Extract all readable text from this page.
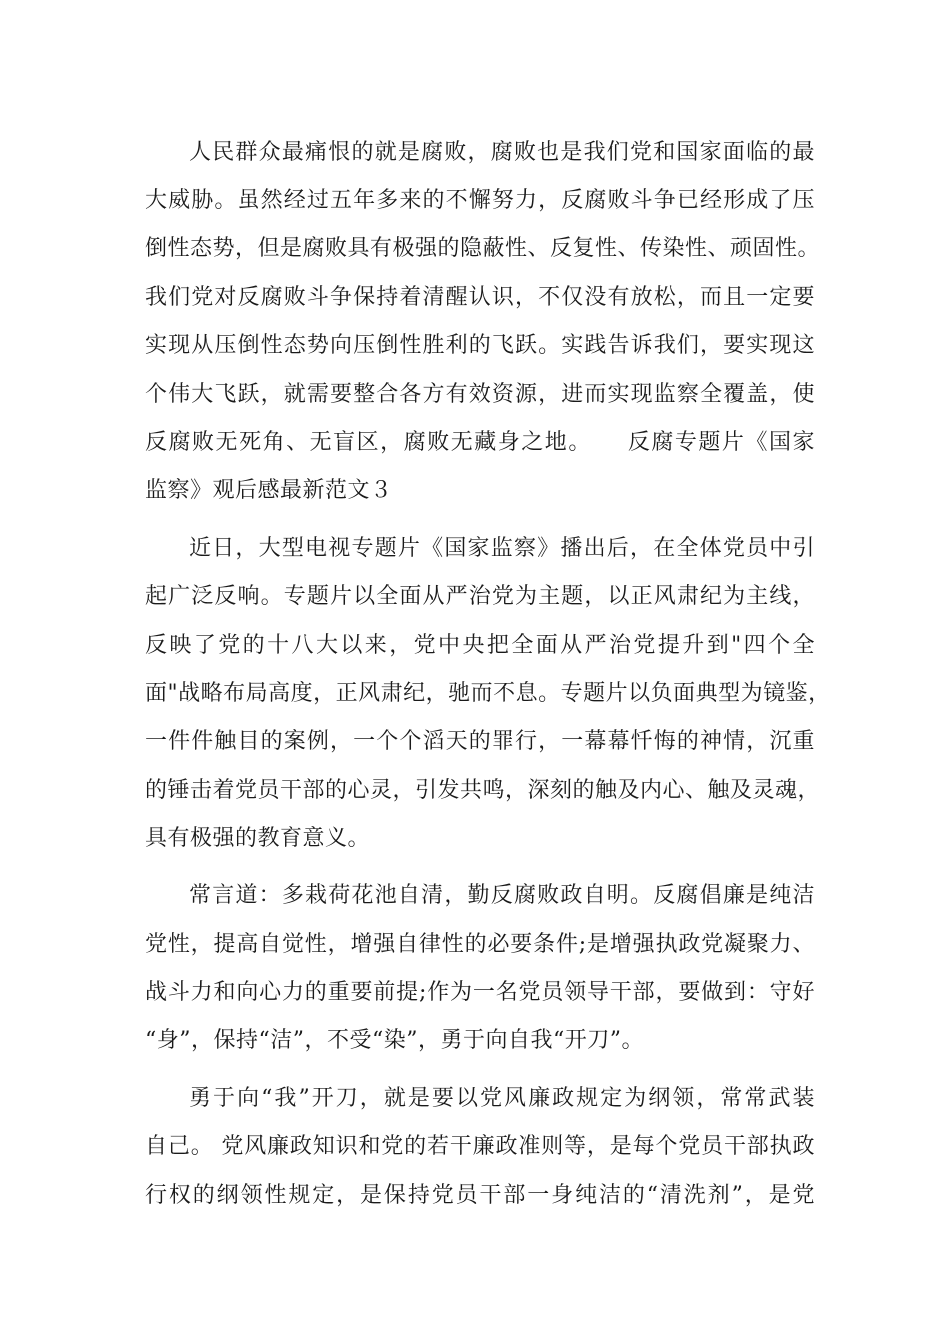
人民群众最痛恨的就是腐败，腐败也是我们党和国家面临的最
大威胁。虽然经过五年多来的不懈努力，反腐败斗争已经形成了压
倒性态势，但是腐败具有极强的隐蔽性、反复性、传染性、顽固性。
我们党对反腐败斗争保持着清醒认识，不仅没有放松，而且一定要
实现从压倒性态势向压倒性胜利的飞跃。实践告诉我们，要实现这
个伟大飞跃，就需要整合各方有效资源，进而实现监察全覆盖，使
反腐败无死角、无盲区，腐败无藏身之地。　　反腐专题片《国家
监察》观后感最新范文３
近日，大型电视专题片《国家监察》播出后，在全体党员中引
起广泛反响。专题片以全面从严治党为主题，以正风肃纪为主线，
反映了党的十八大以来，党中央把全面从严治党提升到"四个全
面"战略布局高度，正风肃纪，驰而不息。专题片以负面典型为镜鉴，
一件件触目的案例，一个个滔天的罪行，一幕幕忏悔的神情，沉重
的锤击着党员干部的心灵，引发共鸣，深刻的触及内心、触及灵魂，
具有极强的教育意义。
常言道：多栽荷花池自清，勤反腐败政自明。反腐倡廉是纯洁
党性，提高自觉性，增强自律性的必要条件;是增强执政党凝聚力、
战斗力和向心力的重要前提;作为一名党员领导干部，要做到：守好
“身”，保持“洁”，不受“染”，勇于向自我“开刀”。
勇于向“我”开刀，就是要以党风廉政规定为纲领，常常武装
自己。 党风廉政知识和党的若干廉政准则等，是每个党员干部执政
行权的纲领性规定，是保持党员干部一身纯洁的“清洗剂”，是党
